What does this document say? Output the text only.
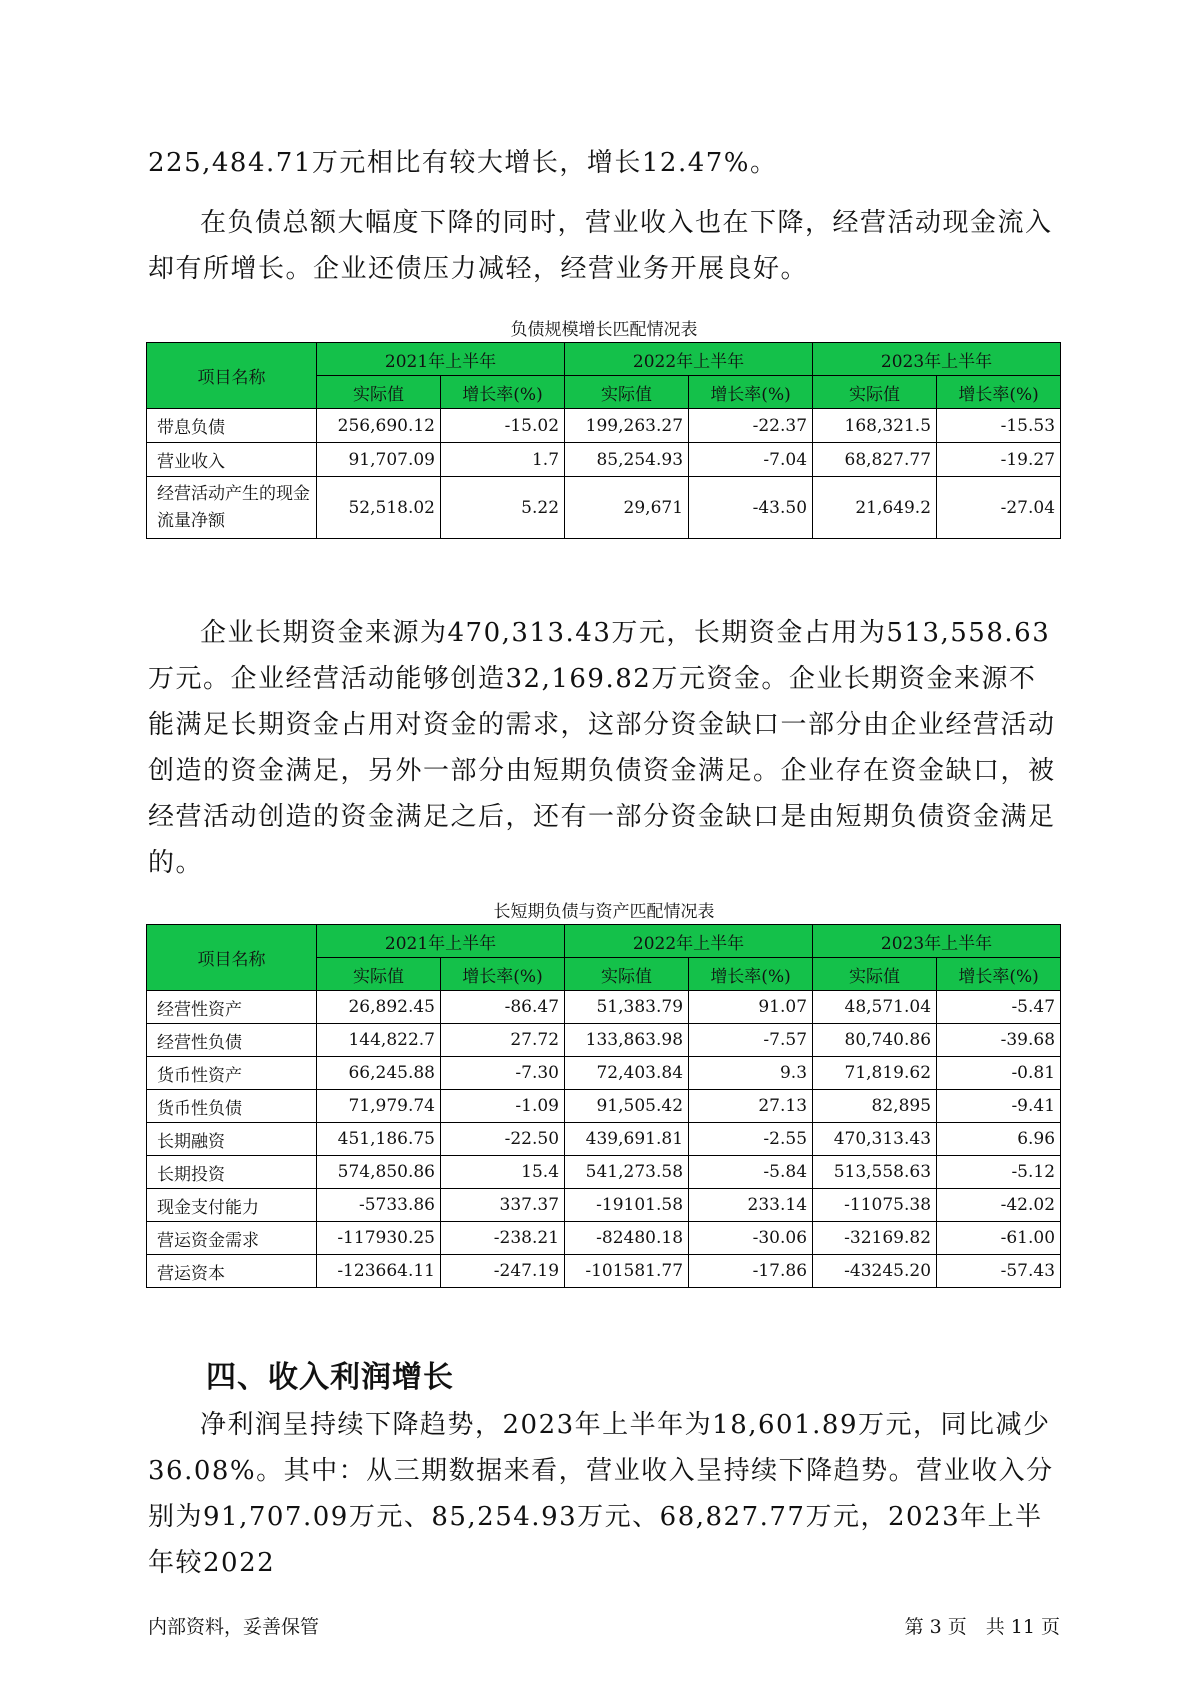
225,484.71万元相比有较大增长，增长12.47%。

在负债总额大幅度下降的同时，营业收入也在下降，经营活动现金流入却有所增长。企业还债压力减轻，经营业务开展良好。

负债规模增长匹配情况表

项目名称	2021年上半年		2022年上半年		2023年上半年	
	实际值	增长率(%)	实际值	增长率(%)	实际值	增长率(%)
带息负债	256,690.12	-15.02	199,263.27	-22.37	168,321.5	-15.53
营业收入	91,707.09	1.7	85,254.93	-7.04	68,827.77	-19.27
经营活动产生的现金流量净额	52,518.02	5.22	29,671	-43.50	21,649.2	-27.04

企业长期资金来源为470,313.43万元，长期资金占用为513,558.63万元。企业经营活动能够创造32,169.82万元资金。企业长期资金来源不能满足长期资金占用对资金的需求，这部分资金缺口一部分由企业经营活动创造的资金满足，另外一部分由短期负债资金满足。企业存在资金缺口，被经营活动创造的资金满足之后，还有一部分资金缺口是由短期负债资金满足的。

长短期负债与资产匹配情况表

项目名称	2021年上半年		2022年上半年		2023年上半年	
	实际值	增长率(%)	实际值	增长率(%)	实际值	增长率(%)
经营性资产	26,892.45	-86.47	51,383.79	91.07	48,571.04	-5.47
经营性负债	144,822.7	27.72	133,863.98	-7.57	80,740.86	-39.68
货币性资产	66,245.88	-7.30	72,403.84	9.3	71,819.62	-0.81
货币性负债	71,979.74	-1.09	91,505.42	27.13	82,895	-9.41
长期融资	451,186.75	-22.50	439,691.81	-2.55	470,313.43	6.96
长期投资	574,850.86	15.4	541,273.58	-5.84	513,558.63	-5.12
现金支付能力	-5733.86	337.37	-19101.58	233.14	-11075.38	-42.02
营运资金需求	-117930.25	-238.21	-82480.18	-30.06	-32169.82	-61.00
营运资本	-123664.11	-247.19	-101581.77	-17.86	-43245.20	-57.43
四、收入利润增长

净利润呈持续下降趋势，2023年上半年为18,601.89万元，同比减少36.08%。其中：从三期数据来看，营业收入呈持续下降趋势。营业收入分别为91,707.09万元、85,254.93万元、68,827.77万元，2023年上半年较2022

内部资料，妥善保管	第 3 页　共 11 页
